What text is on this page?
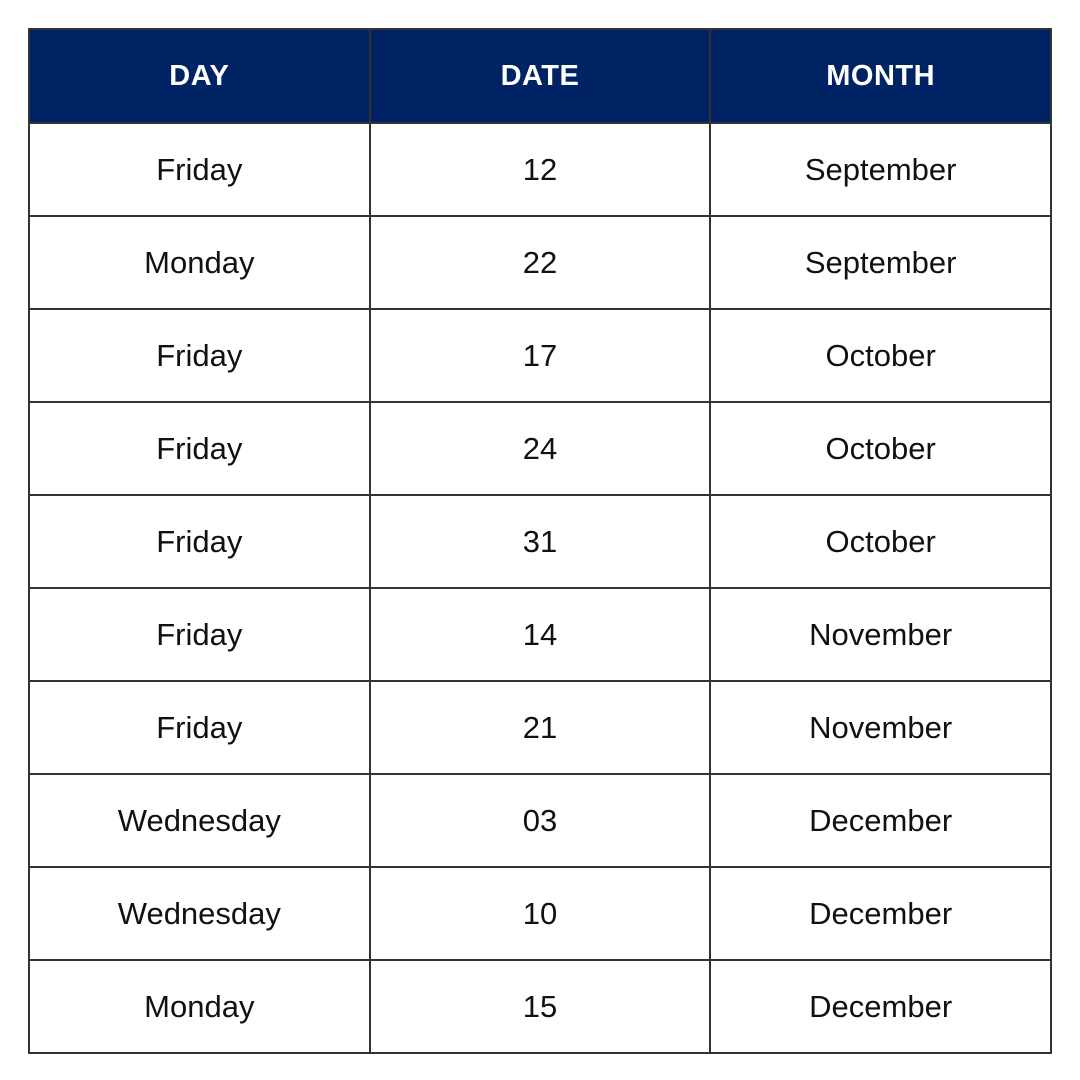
DAY	DATE	MONTH
Friday	12	September
Monday	22	September
Friday	17	October
Friday	24	October
Friday	31	October
Friday	14	November
Friday	21	November
Wednesday	03	December
Wednesday	10	December
Monday	15	December
